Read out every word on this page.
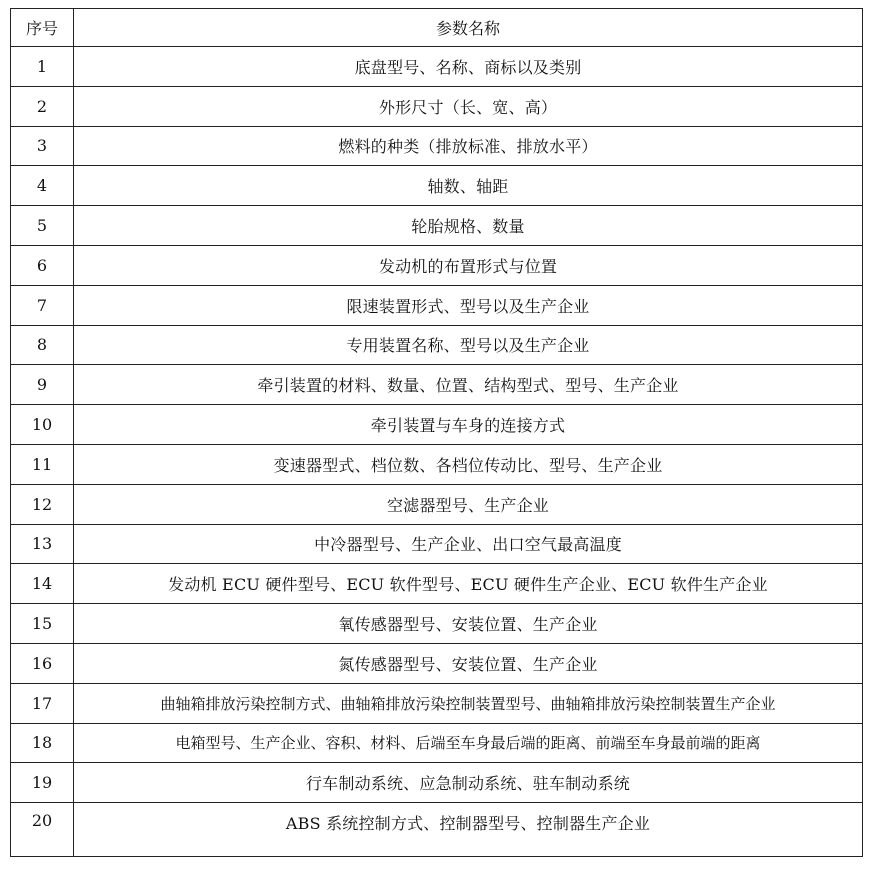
序号	参数名称
1	底盘型号、名称、商标以及类别
2	外形尺寸（长、宽、高）
3	燃料的种类（排放标准、排放水平）
4	轴数、轴距
5	轮胎规格、数量
6	发动机的布置形式与位置
7	限速装置形式、型号以及生产企业
8	专用装置名称、型号以及生产企业
9	牵引装置的材料、数量、位置、结构型式、型号、生产企业
10	牵引装置与车身的连接方式
11	变速器型式、档位数、各档位传动比、型号、生产企业
12	空滤器型号、生产企业
13	中冷器型号、生产企业、出口空气最高温度
14	发动机 ECU 硬件型号、ECU 软件型号、ECU 硬件生产企业、ECU 软件生产企业
15	氧传感器型号、安装位置、生产企业
16	氮传感器型号、安装位置、生产企业
17	曲轴箱排放污染控制方式、曲轴箱排放污染控制装置型号、曲轴箱排放污染控制装置生产企业
18	电箱型号、生产企业、容积、材料、后端至车身最后端的距离、前端至车身最前端的距离
19	行车制动系统、应急制动系统、驻车制动系统
20	ABS 系统控制方式、控制器型号、控制器生产企业
